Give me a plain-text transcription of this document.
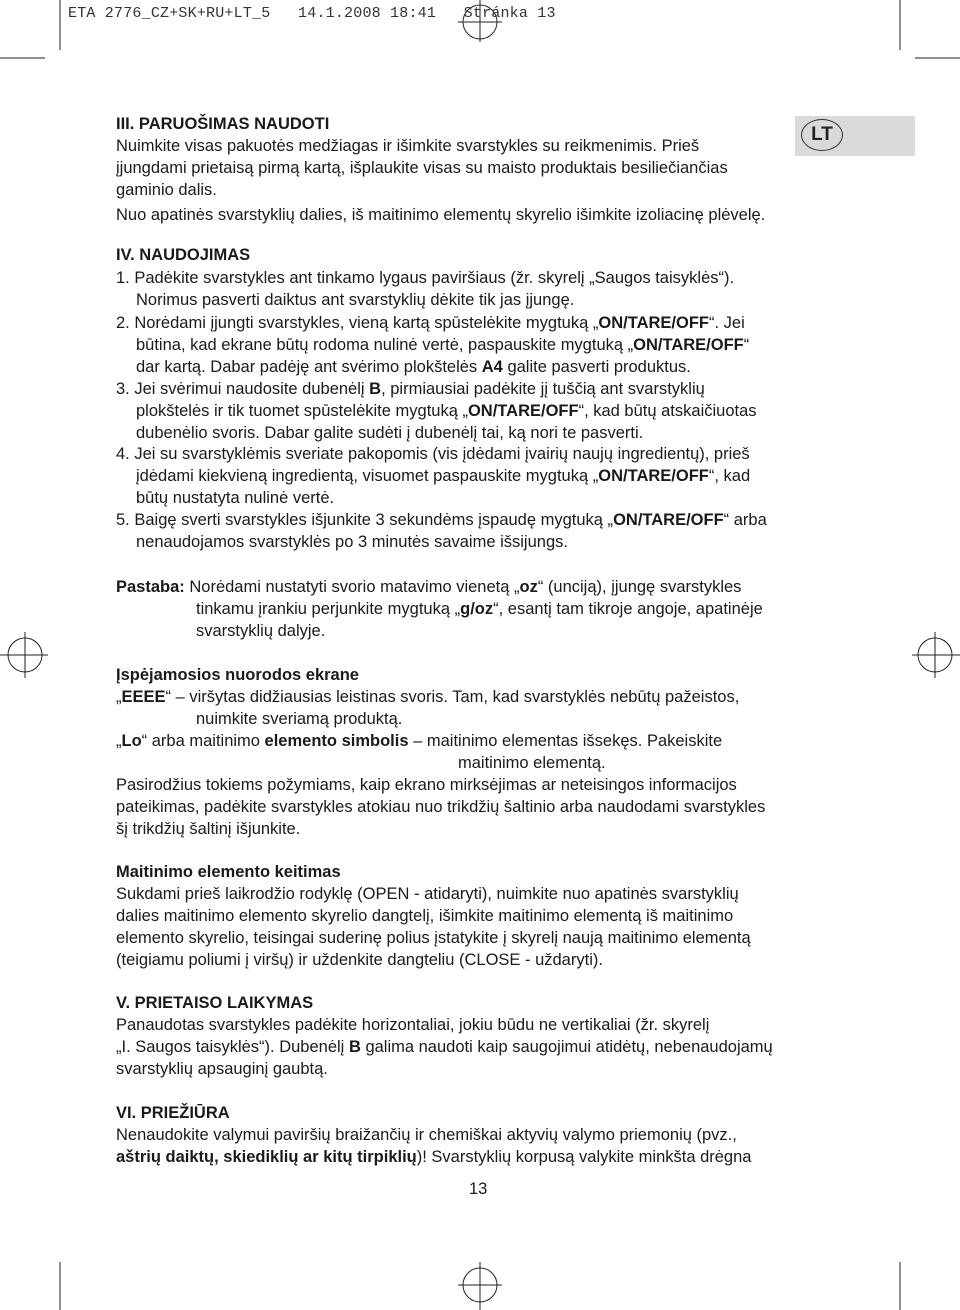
ETA 2776_CZ+SK+RU+LT_5   14.1.2008 18:41   Stránka 13
LT
III. PARUOŠIMAS NAUDOTI
Nuimkite visas pakuotės medžiagas ir išimkite svarstykles su reikmenimis. Prieš
įjungdami prietaisą pirmą kartą, išplaukite visas su maisto produktais besiliečiančias
gaminio dalis.
Nuo apatinės svarstyklių dalies, iš maitinimo elementų skyrelio išimkite izoliacinę plėvelę.
IV. NAUDOJIMAS
1. Padėkite svarstykles ant tinkamo lygaus paviršiaus (žr. skyrelį „Saugos taisyklės“).
Norimus pasverti daiktus ant svarstyklių dėkite tik jas įjungę.
2. Norėdami įjungti svarstykles, vieną kartą spūstelėkite mygtuką „ON/TARE/OFF“. Jei
būtina, kad ekrane būtų rodoma nulinė vertė, paspauskite mygtuką „ON/TARE/OFF“
dar kartą. Dabar padėję ant svėrimo plokštelės A4 galite pasverti produktus.
3. Jei svėrimui naudosite dubenėlį B, pirmiausiai padėkite jį tuščią ant svarstyklių
plokštelės ir tik tuomet spūstelėkite mygtuką „ON/TARE/OFF“, kad būtų atskaičiuotas
dubenėlio svoris. Dabar galite sudėti į dubenėlį tai, ką nori te pasverti.
4. Jei su svarstyklėmis sveriate pakopomis (vis įdėdami įvairių naujų ingredientų), prieš
įdėdami kiekvieną ingredientą, visuomet paspauskite mygtuką „ON/TARE/OFF“, kad
būtų nustatyta nulinė vertė.
5. Baigę sverti svarstykles išjunkite 3 sekundėms įspaudę mygtuką „ON/TARE/OFF“ arba
nenaudojamos svarstyklės po 3 minutės savaime išsijungs.
Pastaba: Norėdami nustatyti svorio matavimo vienetą „oz“ (unciją), įjungę svarstykles
tinkamu įrankiu perjunkite mygtuką „g/oz“, esantį tam tikroje angoje, apatinėje
svarstyklių dalyje.
Įspėjamosios nuorodos ekrane
„EEEE“ – viršytas didžiausias leistinas svoris. Tam, kad svarstyklės nebūtų pažeistos,
nuimkite sveriamą produktą.
„Lo“ arba maitinimo elemento simbolis – maitinimo elementas išsekęs. Pakeiskite
maitinimo elementą.
Pasirodžius tokiems požymiams, kaip ekrano mirksėjimas ar neteisingos informacijos
pateikimas, padėkite svarstykles atokiau nuo trikdžių šaltinio arba naudodami svarstykles
šį trikdžių šaltinį išjunkite.
Maitinimo elemento keitimas
Sukdami prieš laikrodžio rodyklę (OPEN - atidaryti), nuimkite nuo apatinės svarstyklių
dalies maitinimo elemento skyrelio dangtelį, išimkite maitinimo elementą iš maitinimo
elemento skyrelio, teisingai suderinę polius įstatykite į skyrelį naują maitinimo elementą
(teigiamu poliumi į viršų) ir uždenkite dangteliu (CLOSE - uždaryti).
V. PRIETAISO LAIKYMAS
Panaudotas svarstykles padėkite horizontaliai, jokiu būdu ne vertikaliai (žr. skyrelį
„I. Saugos taisyklės“). Dubenėlį B galima naudoti kaip saugojimui atidėtų, nebenaudojamų
svarstyklių apsauginį gaubtą.
VI. PRIEŽIŪRA
Nenaudokite valymui paviršių braižančių ir chemiškai aktyvių valymo priemonių (pvz.,
aštrių daiktų, skiediklių ar kitų tirpiklių)! Svarstyklių korpusą valykite minkšta drėgna
13
